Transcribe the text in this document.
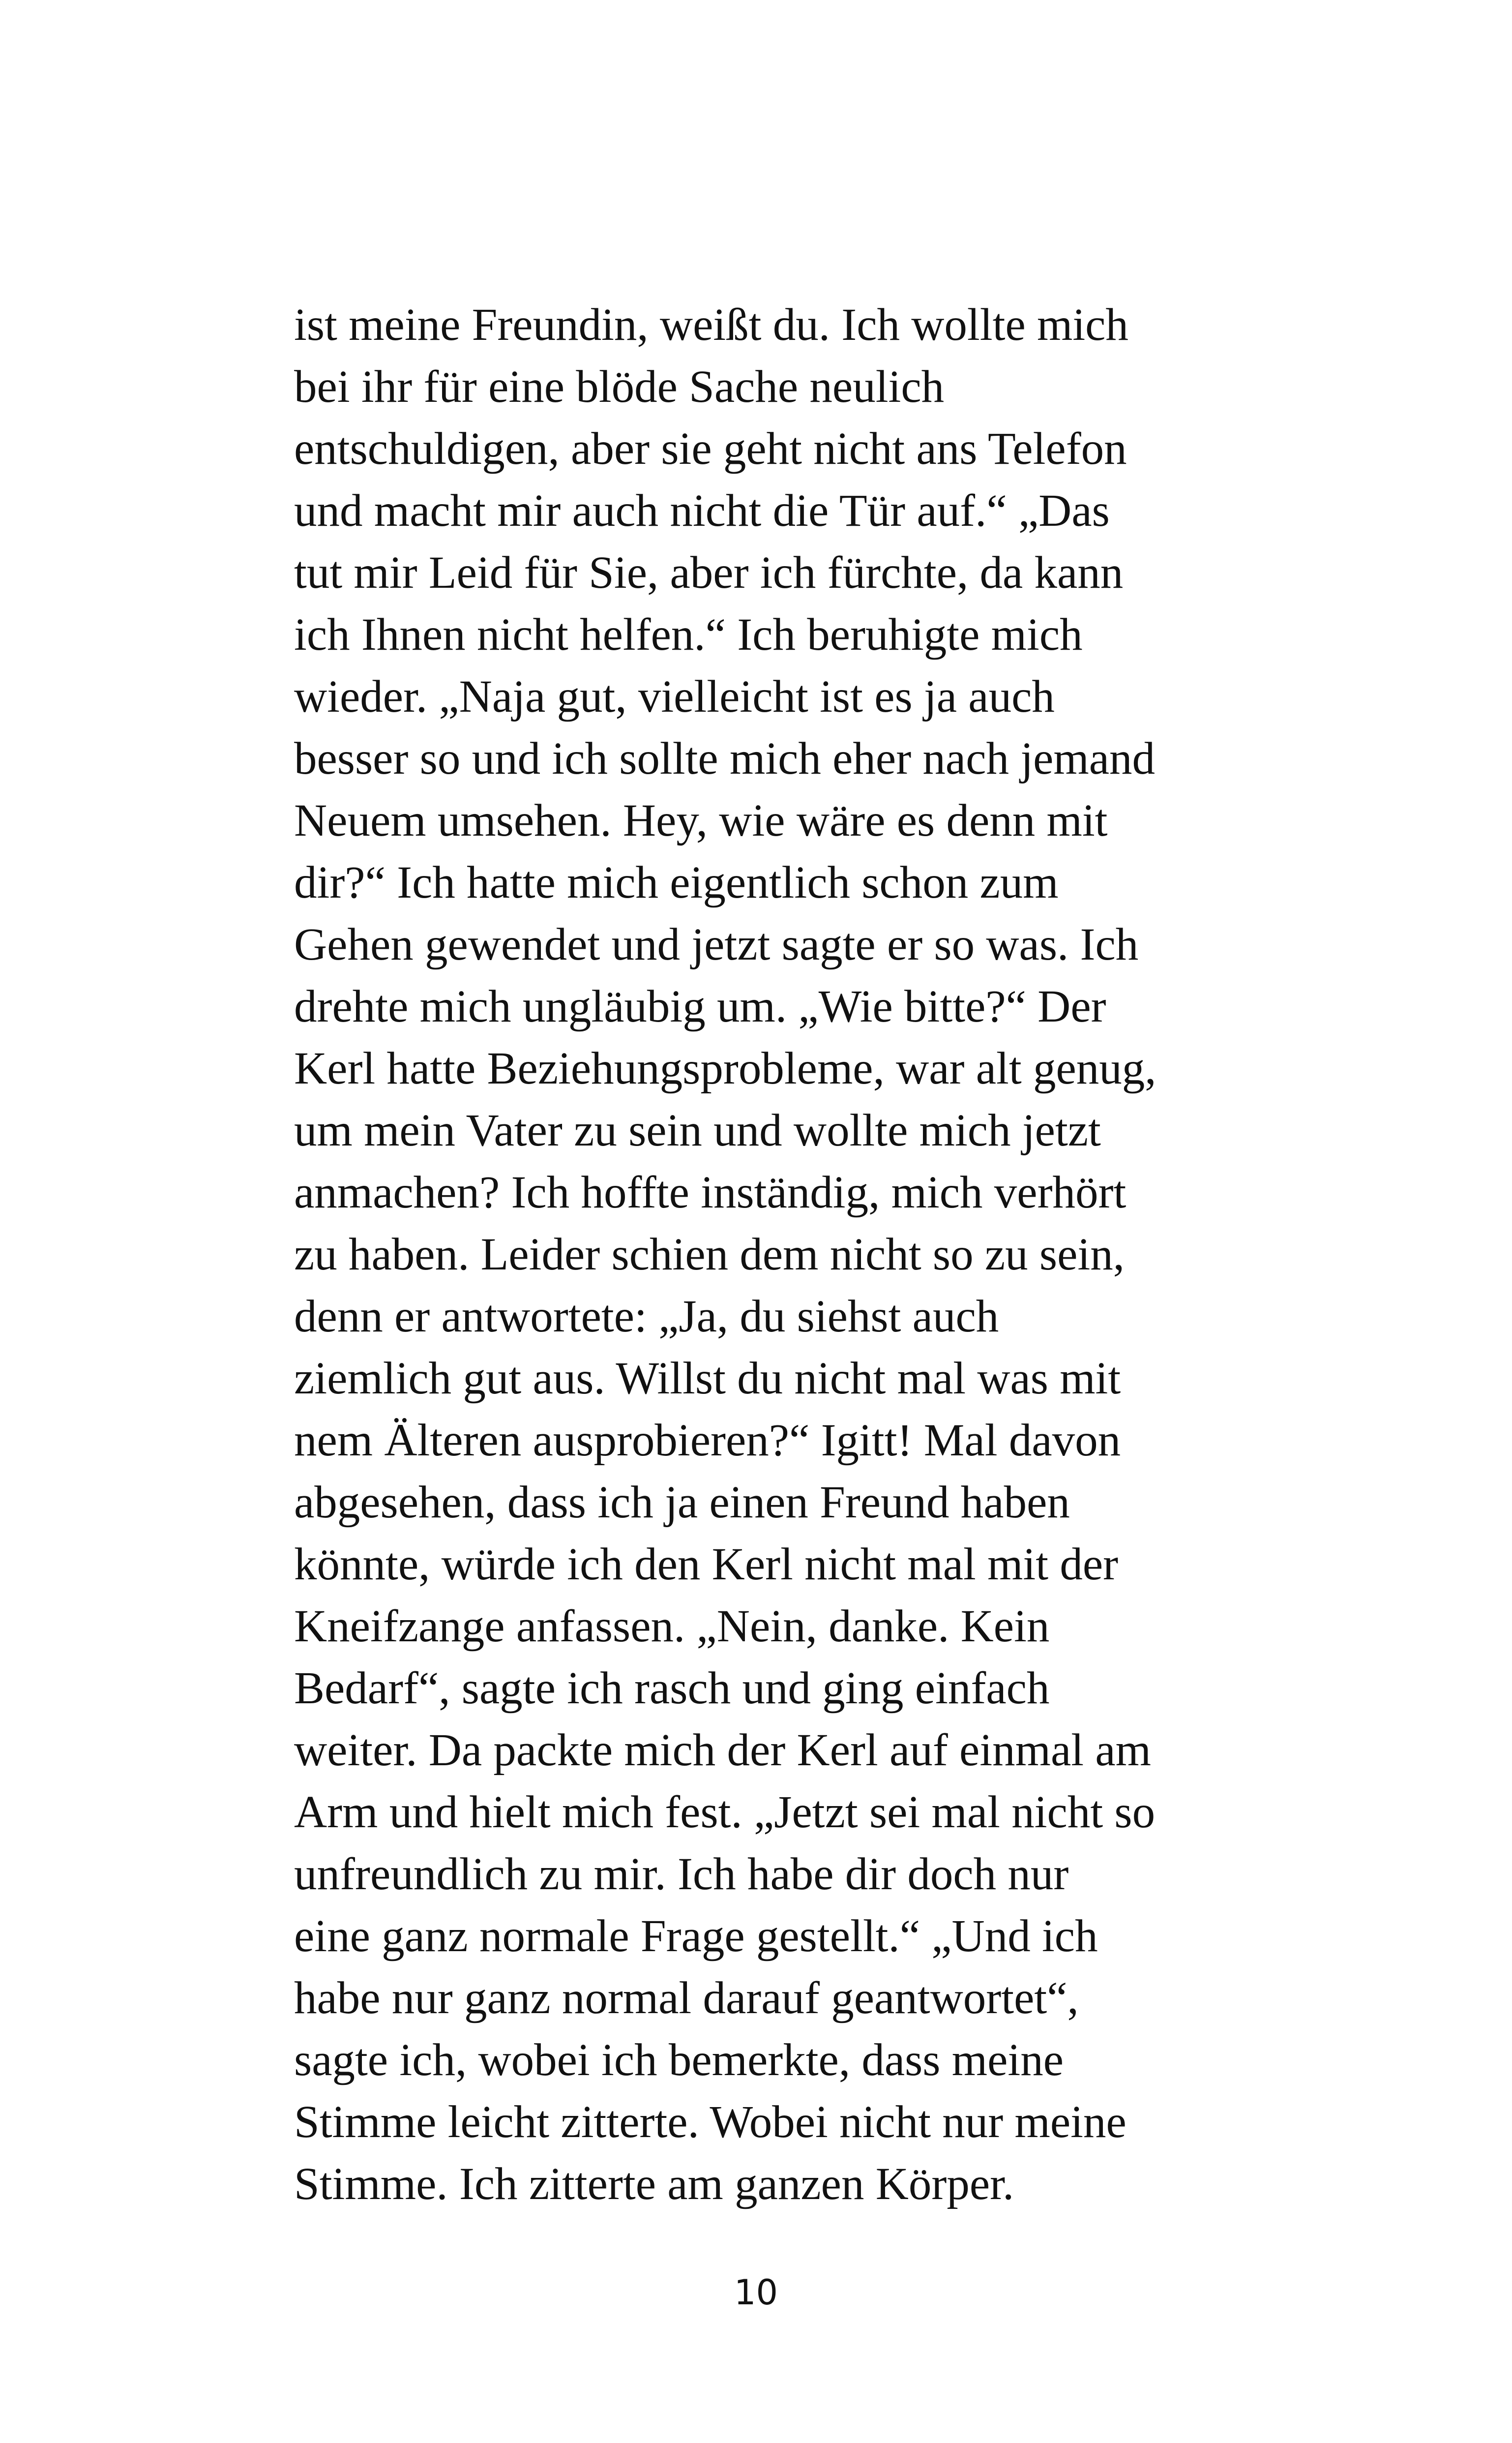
ist meine Freundin, weißt du. Ich wollte mich
bei ihr für eine blöde Sache neulich
entschuldigen, aber sie geht nicht ans Telefon
und macht mir auch nicht die Tür auf.“ „Das
tut mir Leid für Sie, aber ich fürchte, da kann
ich Ihnen nicht helfen.“ Ich beruhigte mich
wieder. „Naja gut, vielleicht ist es ja auch
besser so und ich sollte mich eher nach jemand
Neuem umsehen. Hey, wie wäre es denn mit
dir?“ Ich hatte mich eigentlich schon zum
Gehen gewendet und jetzt sagte er so was. Ich
drehte mich ungläubig um. „Wie bitte?“ Der
Kerl hatte Beziehungsprobleme, war alt genug,
um mein Vater zu sein und wollte mich jetzt
anmachen? Ich hoffte inständig, mich verhört
zu haben. Leider schien dem nicht so zu sein,
denn er antwortete: „Ja, du siehst auch
ziemlich gut aus. Willst du nicht mal was mit
nem Älteren ausprobieren?“ Igitt! Mal davon
abgesehen, dass ich ja einen Freund haben
könnte, würde ich den Kerl nicht mal mit der
Kneifzange anfassen. „Nein, danke. Kein
Bedarf“, sagte ich rasch und ging einfach
weiter. Da packte mich der Kerl auf einmal am
Arm und hielt mich fest. „Jetzt sei mal nicht so
unfreundlich zu mir. Ich habe dir doch nur
eine ganz normale Frage gestellt.“ „Und ich
habe nur ganz normal darauf geantwortet“,
sagte ich, wobei ich bemerkte, dass meine
Stimme leicht zitterte. Wobei nicht nur meine
Stimme. Ich zitterte am ganzen Körper.
10
